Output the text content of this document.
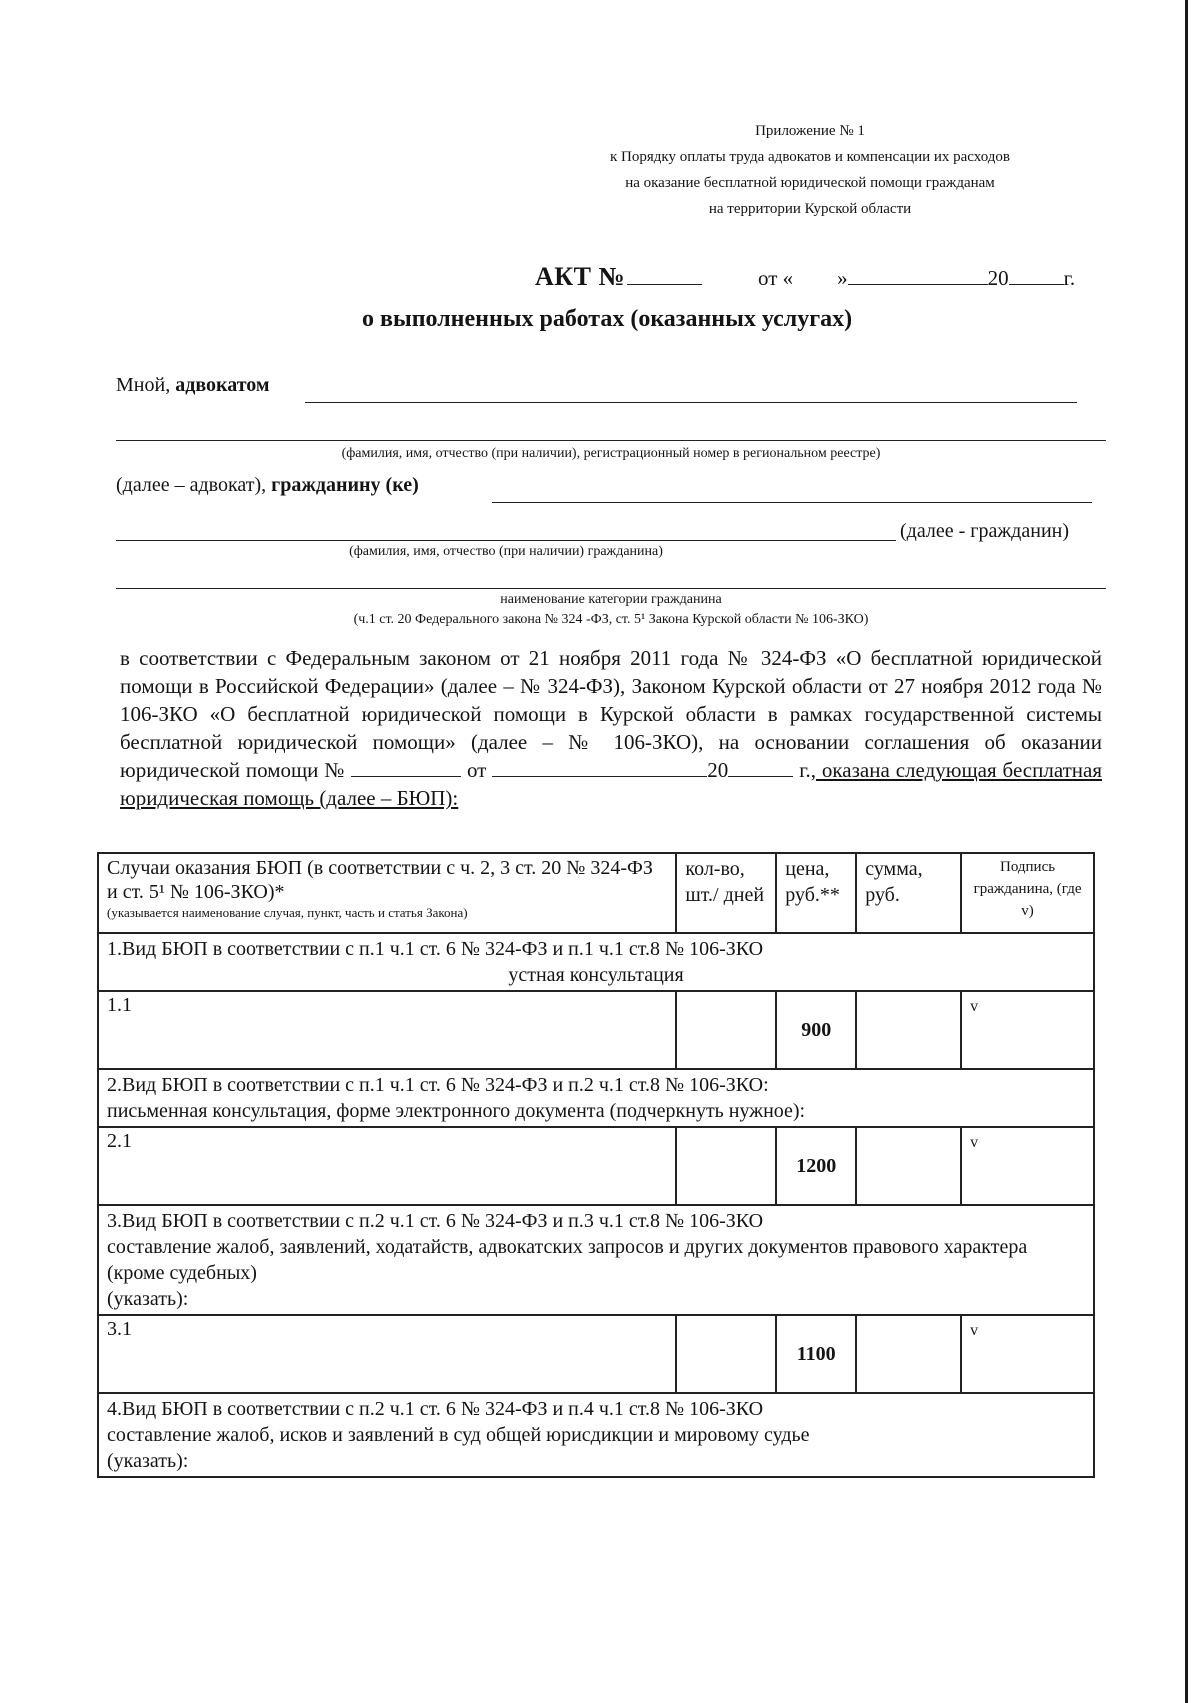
Приложение № 1
к Порядку оплаты труда адвокатов и компенсации их расходов
на оказание бесплатной юридической помощи гражданам
на территории Курской области
АКТ №	от « »	20	г.
о выполненных работах (оказанных услугах)
Мной, адвокатом
(фамилия, имя, отчество (при наличии), регистрационный номер в региональном реестре)
(далее – адвокат), гражданину (ке)
(далее - гражданин)
(фамилия, имя, отчество (при наличии) гражданина)
наименование категории гражданина
(ч.1 ст. 20 Федерального закона № 324 -ФЗ, ст. 5¹ Закона Курской области № 106-ЗКО)
в соответствии с Федеральным законом от 21 ноября 2011 года № 324-ФЗ «О бесплатной юридической помощи в Российской Федерации» (далее – № 324-ФЗ), Законом Курской области от 27 ноября 2012 года № 106-ЗКО «О бесплатной юридической помощи в Курской области в рамках государственной системы бесплатной юридической помощи» (далее – № 106-ЗКО), на основании соглашения об оказании юридической помощи №	от	20	г., оказана следующая бесплатная юридическая помощь (далее – БЮП):
Случаи оказания БЮП (в соответствии с ч. 2, 3 ст. 20 № 324-ФЗ и ст. 5¹ № 106-ЗКО)*
(указывается наименование случая, пункт, часть и статья Закона)	кол-во, шт./ дней	цена, руб.**	сумма, руб.	Подпись гражданина, (где v)

1.Вид БЮП в соответствии с п.1 ч.1 ст. 6 № 324-ФЗ и п.1 ч.1 ст.8 № 106-ЗКО
устная консультация				

1.1		900		v

2.Вид БЮП в соответствии с п.1 ч.1 ст. 6 № 324-ФЗ и п.2 ч.1 ст.8 № 106-ЗКО:
письменная консультация, форме электронного документа (подчеркнуть нужное):				

2.1		1200		v

3.Вид БЮП в соответствии с п.2 ч.1 ст. 6 № 324-ФЗ и п.3 ч.1 ст.8 № 106-ЗКО
составление жалоб, заявлений, ходатайств, адвокатских запросов и других документов правового характера (кроме судебных)
(указать):				

3.1		1100		v

4.Вид БЮП в соответствии с п.2 ч.1 ст. 6 № 324-ФЗ и п.4 ч.1 ст.8 № 106-ЗКО
составление жалоб, исков и заявлений в суд общей юрисдикции и мировому судье
(указать):				
